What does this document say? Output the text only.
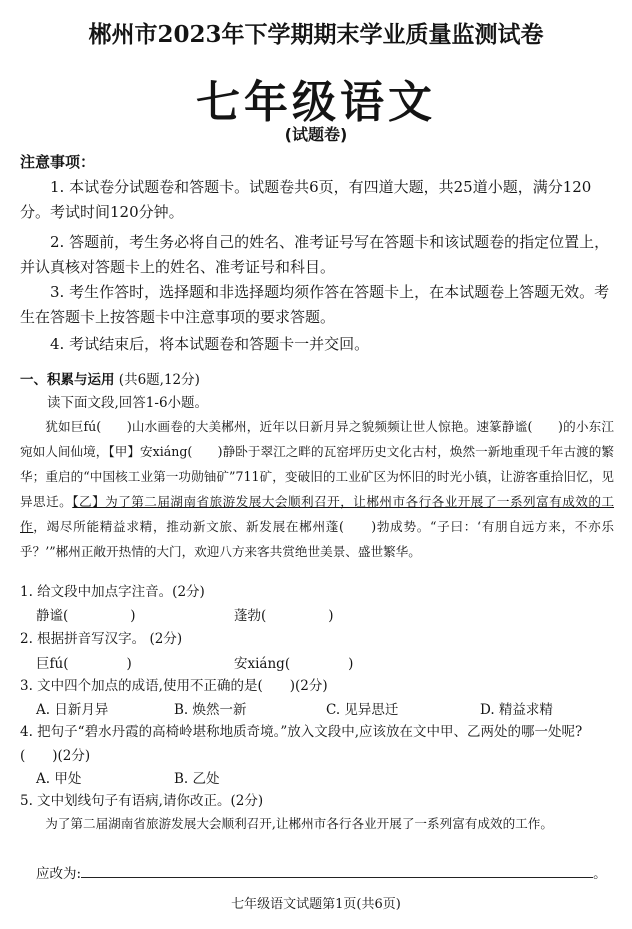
郴州市2023年下学期期末学业质量监测试卷
七年级语文
(试题卷)
注意事项：
1. 本试卷分试题卷和答题卡。试题卷共6页，有四道大题，共25道小题，满分120分。考试时间120分钟。
2. 答题前，考生务必将自己的姓名、准考证号写在答题卡和该试题卷的指定位置上，并认真核对答题卡上的姓名、准考证号和科目。
3. 考生作答时，选择题和非选择题均须作答在答题卡上，在本试题卷上答题无效。考生在答题卡上按答题卡中注意事项的要求答题。
4. 考试结束后，将本试题卷和答题卡一并交回。
一、积累与运用 (共6题,12分)
读下面文段,回答1-6小题。
犹如巨fú(　　)山水画卷的大美郴州，近年以日新月异之貌频频让世人惊艳。速篆静谧(　　)的小东江宛如人间仙境，【甲】安xiáng(　　)静卧于翠江之畔的瓦窑坪历史文化古村，焕然一新地重现千年古渡的繁华；重启的“中国核工业第一功勋铀矿”711矿，变破旧的工业矿区为怀旧的时光小镇，让游客重拾旧忆，见异思迁。【乙】为了第二届湖南省旅游发展大会顺利召开，让郴州市各行各业开展了一系列富有成效的工作，竭尽所能精益求精，推动新文旅、新发展在郴州蓬(　　)勃成势。“子曰：‘有朋自远方来，不亦乐乎？’”郴州正敞开热情的大门，欢迎八方来客共赏绝世美景、盛世繁华。
1. 给文段中加点字注音。(2分)
静谧(	)	蓬勃(	)
2. 根据拼音写汉字。 (2分)
巨fú(	)	安xiáng(	)
3. 文中四个加点的成语,使用不正确的是(　　)(2分)
A. 日新月异	B. 焕然一新	C. 见异思迁	D. 精益求精
4. 把句子“碧水丹霞的高椅岭堪称地质奇境。”放入文段中,应该放在文中甲、乙两处的哪一处呢?(　　)(2分)
A. 甲处	B. 乙处
5. 文中划线句子有语病,请你改正。(2分)
为了第二届湖南省旅游发展大会顺利召开,让郴州市各行各业开展了一系列富有成效的工作。
应改为:	。
七年级语文试题第1页(共6页)
